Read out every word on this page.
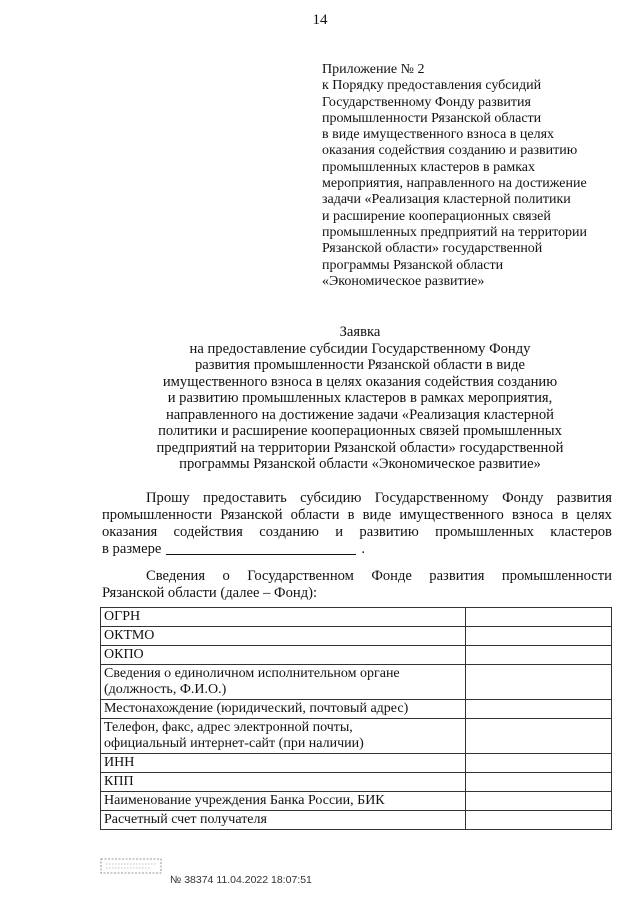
14
Приложение № 2
к Порядку предоставления субсидий
Государственному Фонду развития
промышленности Рязанской области
в виде имущественного взноса в целях
оказания содействия созданию и развитию
промышленных кластеров в рамках
мероприятия, направленного на достижение
задачи «Реализация кластерной политики
и расширение кооперационных связей
промышленных предприятий на территории
Рязанской области» государственной
программы Рязанской области
«Экономическое развитие»
Заявка
на предоставление субсидии Государственному Фонду
развития промышленности Рязанской области в виде
имущественного взноса в целях оказания содействия созданию
и развитию промышленных кластеров в рамках мероприятия,
направленного на достижение задачи «Реализация кластерной
политики и расширение кооперационных связей промышленных
предприятий на территории Рязанской области» государственной
программы Рязанской области «Экономическое развитие»
Прошу предоставить субсидию Государственному Фонду развития
промышленности Рязанской области в виде имущественного взноса в целях
оказания содействия созданию и развитию промышленных кластеров
в размере	.
Сведения о Государственном Фонде развития промышленности
Рязанской области (далее – Фонд):
ОГРН	

ОКТМО	

ОКПО	

Сведения о единоличном исполнительном органе
(должность, Ф.И.О.)	

Местонахождение (юридический, почтовый адрес)	

Телефон, факс, адрес электронной почты,
официальный интернет-сайт (при наличии)	

ИНН	

КПП	

Наименование учреждения Банка России, БИК	

Расчетный счет получателя	

№ 38374 11.04.2022 18:07:51
